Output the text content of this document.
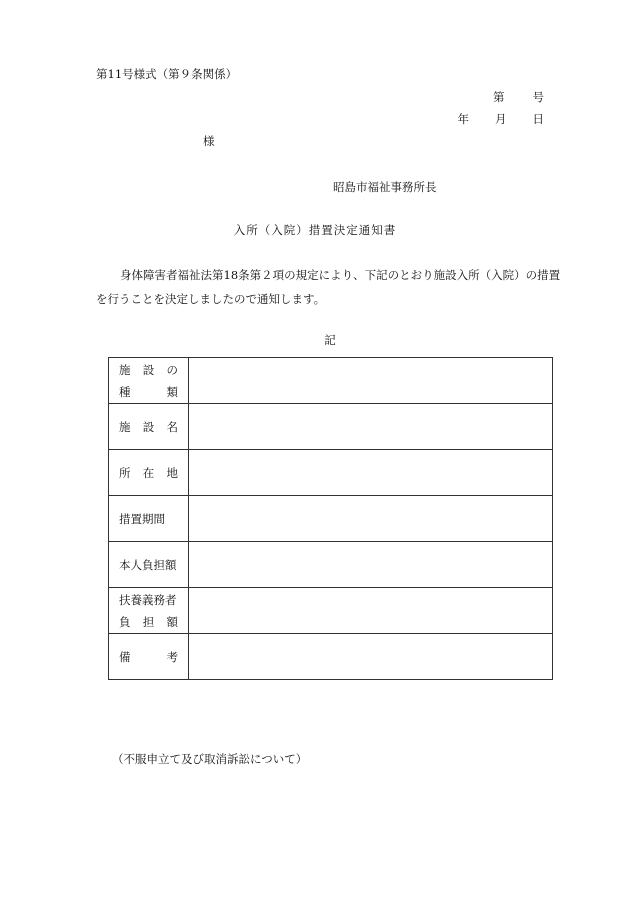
第11号様式（第９条関係）
第 号
年 月 日
様
昭島市福祉事務所長
入所（入院）措置決定通知書
身体障害者福祉法第18条第２項の規定により、下記のとおり施設入所（入院）の措置を行うことを決定しましたので通知します。
記
施 設 の
種 類	

施 設 名	

所 在 地	

措置期間	

本人負担額	

扶養義務者
負 担 額	

備 考	

（不服申立て及び取消訴訟について）
